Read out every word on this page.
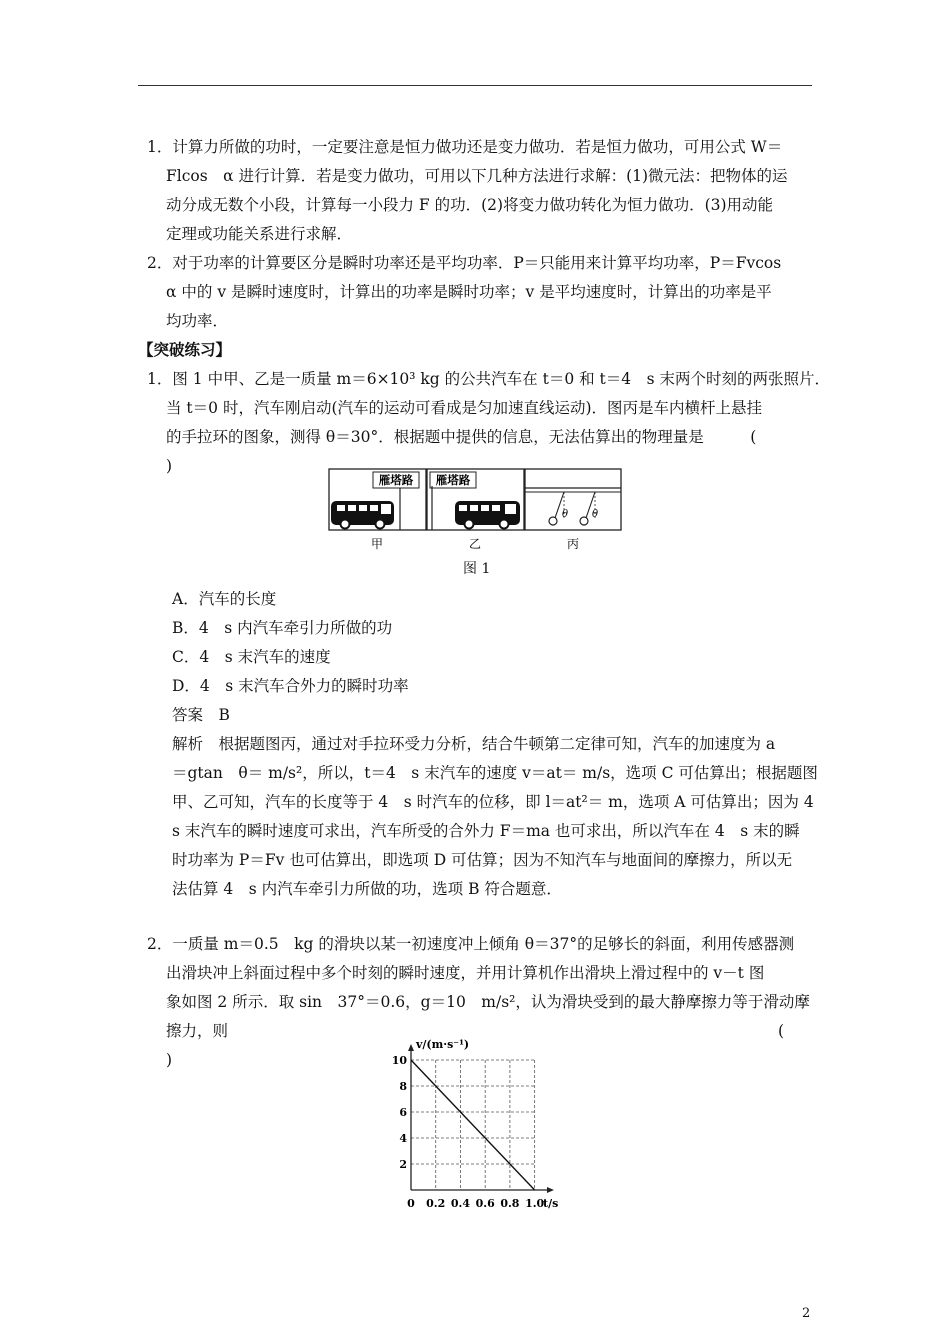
1．计算力所做的功时，一定要注意是恒力做功还是变力做功．若是恒力做功，可用公式 W＝
Flcos　α 进行计算．若是变力做功，可用以下几种方法进行求解：(1)微元法：把物体的运
动分成无数个小段，计算每一小段力 F 的功．(2)将变力做功转化为恒力做功．(3)用动能
定理或功能关系进行求解．
2．对于功率的计算要区分是瞬时功率还是平均功率．P＝只能用来计算平均功率，P＝Fvcos
α 中的 v 是瞬时速度时，计算出的功率是瞬时功率；v 是平均速度时，计算出的功率是平
均功率．
【突破练习】
1．图 1 中甲、乙是一质量 m＝6×10³ kg 的公共汽车在 t＝0 和 t＝4　s 末两个时刻的两张照片．
当 t＝0 时，汽车刚启动(汽车的运动可看成是匀加速直线运动)．图丙是车内横杆上悬挂
的手拉环的图象，测得 θ＝30°．根据题中提供的信息，无法估算出的物理量是　　　(
)
A．汽车的长度
B．4　s 内汽车牵引力所做的功
C．4　s 末汽车的速度
D．4　s 末汽车合外力的瞬时功率
答案　B
解析　根据题图丙，通过对手拉环受力分析，结合牛顿第二定律可知，汽车的加速度为 a
＝gtan　θ＝ m/s²，所以，t＝4　s 末汽车的速度 v＝at＝ m/s，选项 C 可估算出；根据题图
甲、乙可知，汽车的长度等于 4　s 时汽车的位移，即 l＝at²＝ m，选项 A 可估算出；因为 4
s 末汽车的瞬时速度可求出，汽车所受的合外力 F＝ma 也可求出，所以汽车在 4　s 末的瞬
时功率为 P＝Fv 也可估算出，即选项 D 可估算；因为不知汽车与地面间的摩擦力，所以无
法估算 4　s 内汽车牵引力所做的功，选项 B 符合题意．
2．一质量 m＝0.5　kg 的滑块以某一初速度冲上倾角 θ＝37°的足够长的斜面，利用传感器测
出滑块冲上斜面过程中多个时刻的瞬时速度，并用计算机作出滑块上滑过程中的 v－t 图
象如图 2 所示．取 sin　37°＝0.6，g＝10　m/s²，认为滑块受到的最大静摩擦力等于滑动摩
擦力，则	(
)
雁塔路 雁塔路
θ θ
甲	乙	丙
图 1
v/(m·s⁻¹)
t/s
0 0.2 0.4 0.6 0.8 1.0
2
4
6
8
10
2
